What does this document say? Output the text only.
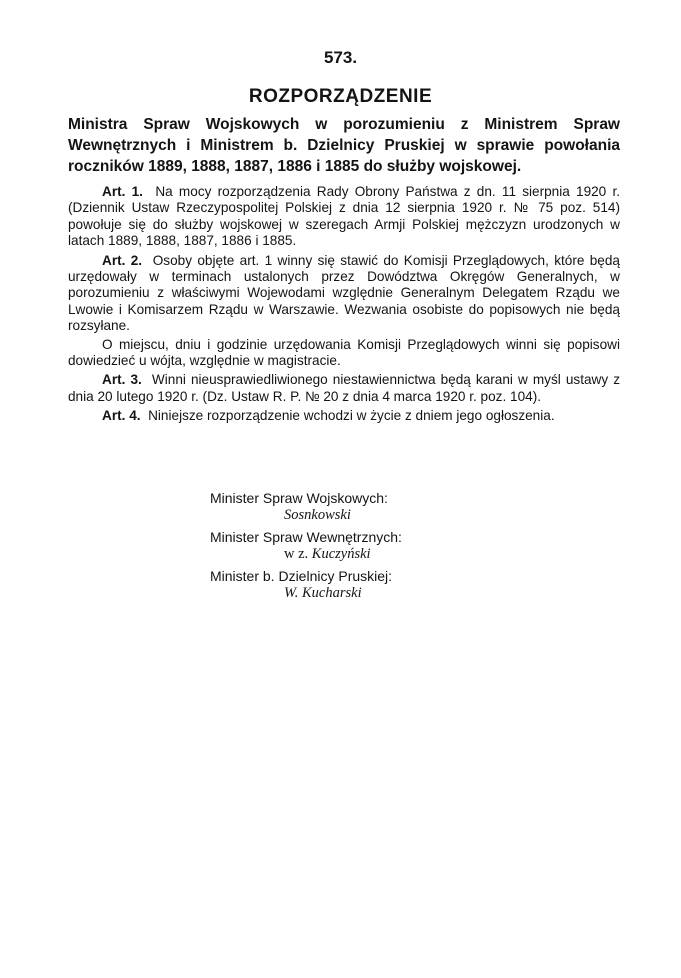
573.
ROZPORZĄDZENIE
Ministra Spraw Wojskowych w porozumieniu z Ministrem Spraw Wewnętrznych i Ministrem b. Dzielnicy Pruskiej w sprawie powołania roczników 1889, 1888, 1887, 1886 i 1885 do służby wojskowej.

Art. 1. Na mocy rozporządzenia Rady Obrony Państwa z dn. 11 sierpnia 1920 r. (Dziennik Ustaw Rzeczypospolitej Polskiej z dnia 12 sierpnia 1920 r. № 75 poz. 514) powołuje się do służby wojskowej w szeregach Armji Polskiej mężczyzn urodzonych w latach 1889, 1888, 1887, 1886 i 1885.

Art. 2. Osoby objęte art. 1 winny się stawić do Komisji Przeglądowych, które będą urzędowały w terminach ustalonych przez Dowództwa Okręgów Generalnych, w porozumieniu z właściwymi Wojewodami względnie Generalnym Delegatem Rządu we Lwowie i Komisarzem Rządu w Warszawie. Wezwania osobiste do popisowych nie będą rozsyłane.

O miejscu, dniu i godzinie urzędowania Komisji Przeglądowych winni się popisowi dowiedzieć u wójta, względnie w magistracie.

Art. 3. Winni nieusprawiedliwionego niestawiennictwa będą karani w myśl ustawy z dnia 20 lutego 1920 r. (Dz. Ustaw R. P. № 20 z dnia 4 marca 1920 r. poz. 104).

Art. 4. Niniejsze rozporządzenie wchodzi w życie z dniem jego ogłoszenia.

Minister Spraw Wojskowych:
Sosnkowski
Minister Spraw Wewnętrznych:
w z. Kuczyński
Minister b. Dzielnicy Pruskiej:
W. Kucharski
